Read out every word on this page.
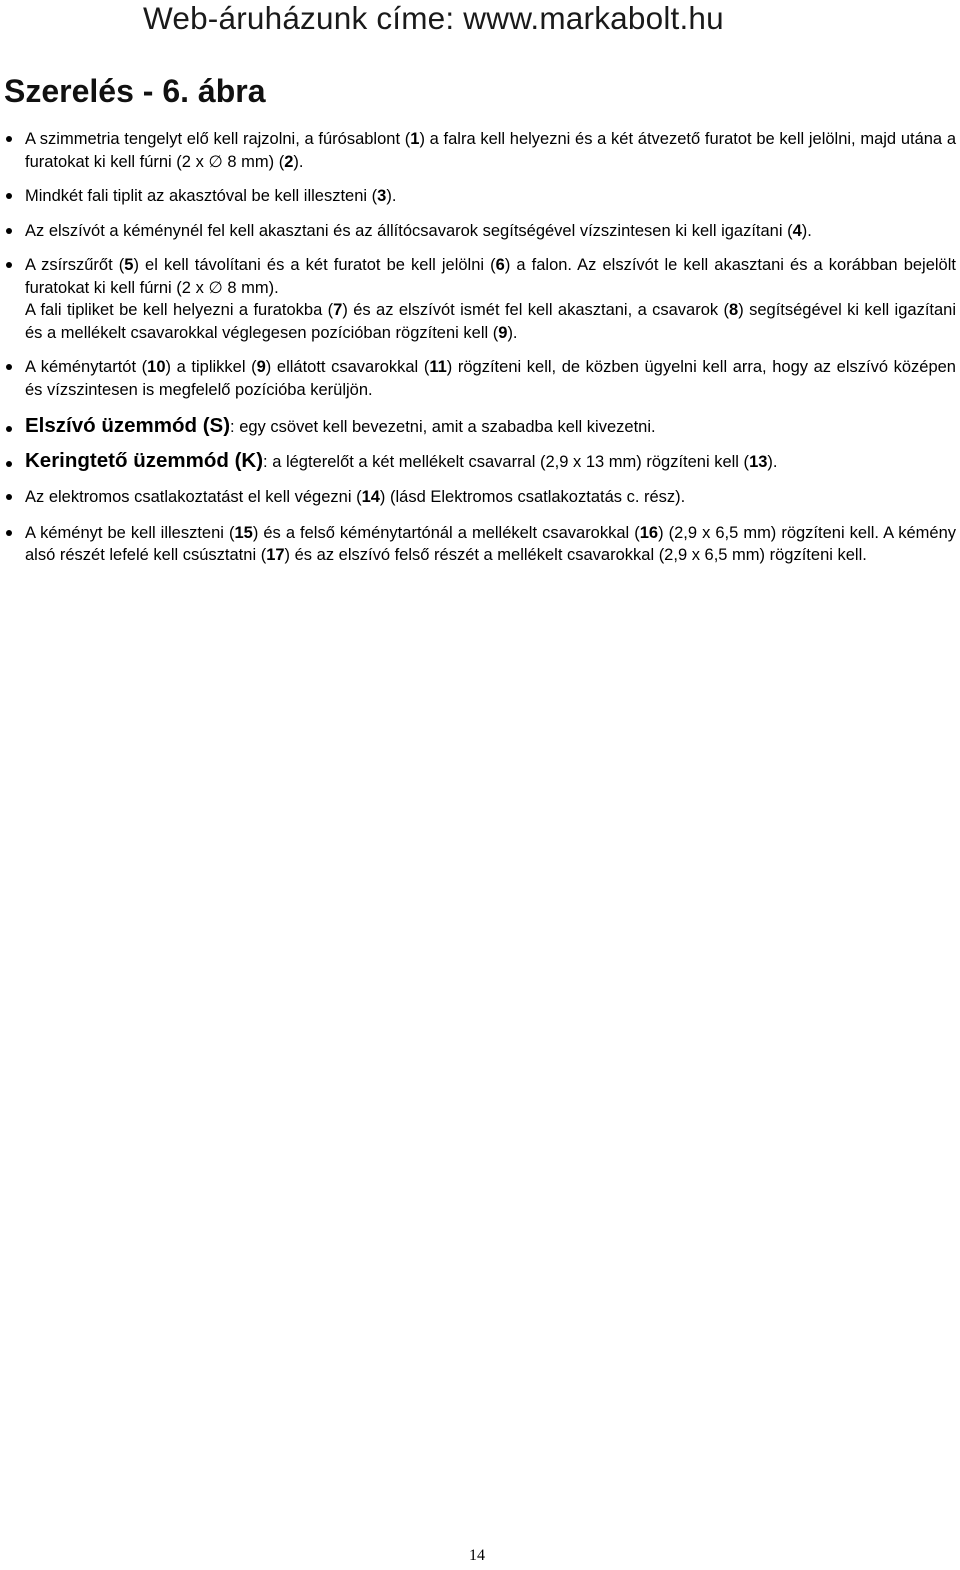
Web-áruházunk címe: www.markabolt.hu
Szerelés - 6. ábra
A szimmetria tengelyt elő kell rajzolni, a fúrósablont (1) a falra kell helyezni és a két átvezető furatot be kell jelölni, majd utána a furatokat ki kell fúrni (2 x ∅ 8 mm) (2).
Mindkét fali tiplit az akasztóval be kell illeszteni (3).
Az elszívót a kéménynél fel kell akasztani és az állítócsavarok segítségével vízszintesen ki kell igazítani (4).
A zsírszűrőt (5) el kell távolítani és a két furatot be kell jelölni (6) a falon. Az elszívót le kell akasztani és a korábban bejelölt furatokat ki kell fúrni (2 x ∅ 8 mm).
A fali tipliket be kell helyezni a furatokba (7) és az elszívót ismét fel kell akasztani, a csavarok (8) segítségével ki kell igazítani és a mellékelt csavarokkal véglegesen pozícióban rögzíteni kell (9).
A kéménytartót (10) a tiplikkel (9) ellátott csavarokkal (11) rögzíteni kell, de közben ügyelni kell arra, hogy az elszívó középen és vízszintesen is megfelelő pozícióba kerüljön.
Elszívó üzemmód (S): egy csövet kell bevezetni, amit a szabadba kell kivezetni.
Keringtető üzemmód (K): a légterelőt a két mellékelt csavarral (2,9 x 13 mm) rögzíteni kell (13).
Az elektromos csatlakoztatást el kell végezni (14) (lásd Elektromos csatlakoztatás c. rész).
A kéményt be kell illeszteni (15) és a felső kéménytartónál a mellékelt csavarokkal (16) (2,9 x 6,5 mm) rögzíteni kell. A kémény alsó részét lefelé kell csúsztatni (17) és az elszívó felső részét a mellékelt csavarokkal (2,9 x 6,5 mm) rögzíteni kell.
14
